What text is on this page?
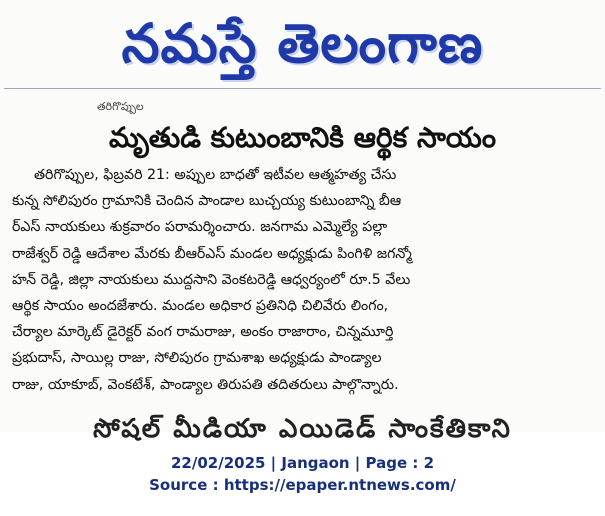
నమస్తే తెలంగాణ
తరిగొప్పుల
మృతుడి కుటుంబానికి ఆర్థిక సాయం
తరిగొప్పుల, ఫిబ్రవరి 21: అప్పుల బాధతో ఇటీవల ఆత్మహత్య చేసు
కున్న సోలిపురం గ్రామానికి చెందిన పాండాల బుచ్చయ్య కుటుంబాన్ని బీఆ
ర్ఎస్ నాయకులు శుక్రవారం పరామర్శించారు. జనగామ ఎమ్మెల్యే పల్లా
రాజేశ్వర్ రెడ్డి ఆదేశాల మేరకు బీఆర్ఎస్ మండల అధ్యక్షుడు పింగిళి జగన్మో
హన్ రెడ్డి, జిల్లా నాయకులు ముద్దసాని వెంకటరెడ్డి ఆధ్వర్యంలో రూ.5 వేలు
ఆర్థిక సాయం అందజేశారు. మండల అధికార ప్రతినిధి చిలివేరు లింగం,
చేర్యాల మార్కెట్ డైరెక్టర్ వంగ రామరాజు, అంకం రాజారాం, చిన్నమూర్తి
ప్రభుదాస్, సాయిల్ల రాజు, సోలిపురం గ్రామశాఖ అధ్యక్షుడు పాండ్యాల
రాజు, యాకూబ్, వెంకటేశ్, పాండ్యాల తిరుపతి తదితరులు పాల్గొన్నారు.
సోషల్ మీడియా ఎయిడెడ్ సాంకేతికాని
22/02/2025 | Jangaon | Page : 2
Source : https://epaper.ntnews.com/
